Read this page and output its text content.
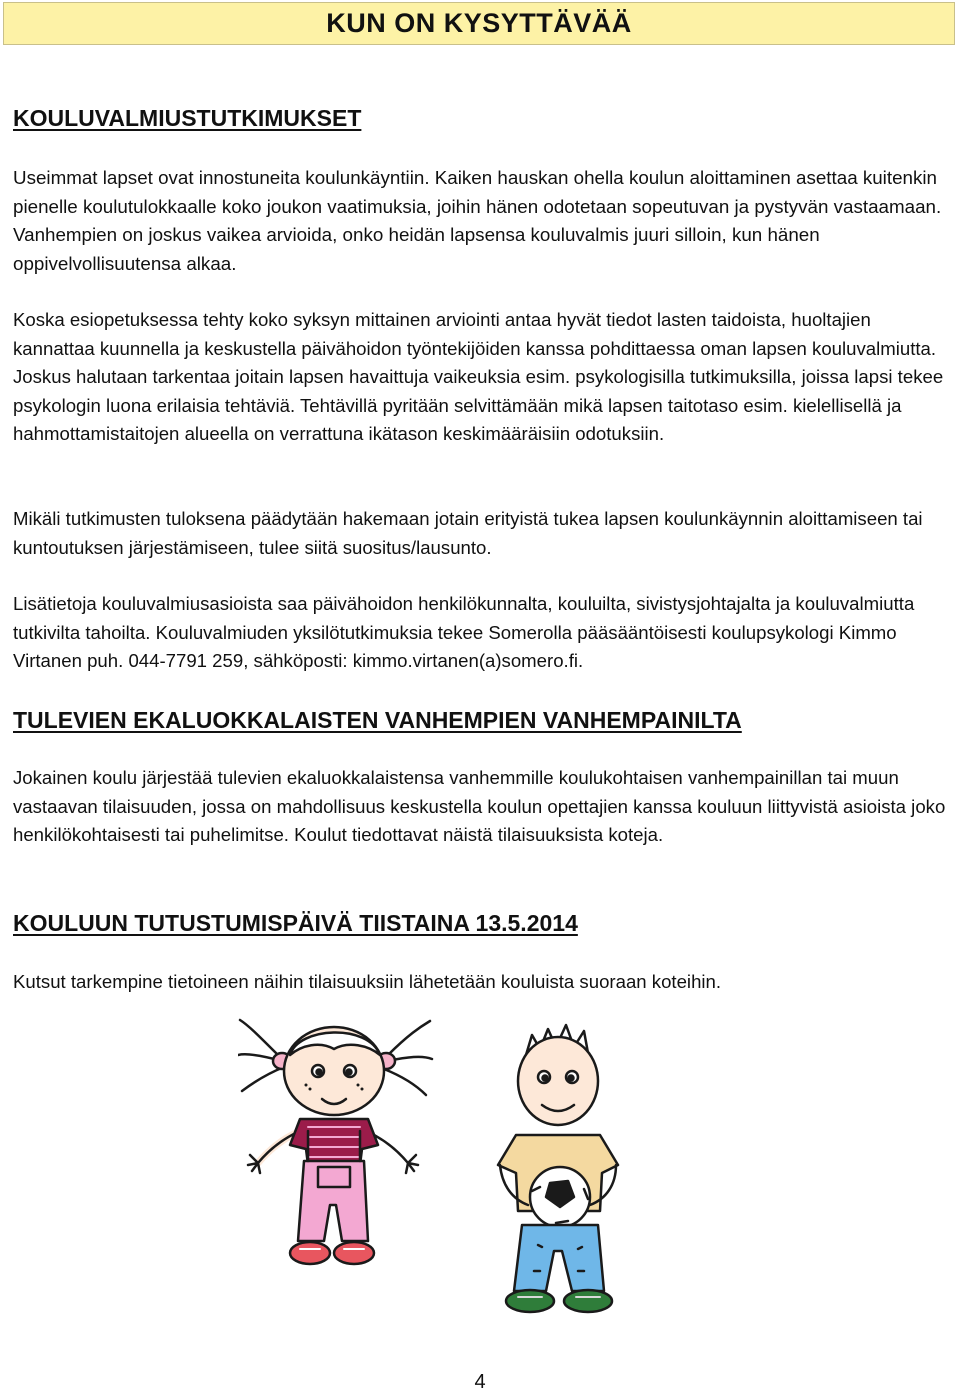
KUN ON KYSYTTÄVÄÄ
KOULUVALMIUSTUTKIMUKSET

Useimmat lapset ovat innostuneita koulunkäyntiin. Kaiken hauskan ohella koulun aloittaminen asettaa kuitenkin pienelle koulutulokkaalle koko joukon vaatimuksia, joihin hänen odotetaan sopeutuvan ja pystyvän vastaamaan. Vanhempien on joskus vaikea arvioida, onko heidän lapsensa kouluvalmis juuri silloin, kun hänen oppivelvollisuutensa alkaa.

Koska esiopetuksessa tehty koko syksyn mittainen arviointi antaa hyvät tiedot lasten taidoista, huoltajien kannattaa kuunnella ja keskustella päivähoidon työntekijöiden kanssa pohdittaessa oman lapsen kouluvalmiutta. Joskus halutaan tarkentaa joitain lapsen havaittuja vaikeuksia esim. psykologisilla tutkimuksilla, joissa lapsi tekee psykologin luona erilaisia tehtäviä. Tehtävillä pyritään selvittämään mikä lapsen taitotaso esim. kielellisellä ja hahmottamistaitojen alueella on verrattuna ikätason keskimääräisiin odotuksiin.

Mikäli tutkimusten tuloksena päädytään hakemaan jotain erityistä tukea lapsen koulunkäynnin aloittamiseen tai kuntoutuksen järjestämiseen, tulee siitä suositus/lausunto.

Lisätietoja kouluvalmiusasioista saa päivähoidon henkilökunnalta, kouluilta, sivistysjohtajalta ja kouluvalmiutta tutkivilta tahoilta. Kouluvalmiuden yksilötutkimuksia tekee Somerolla pääsääntöisesti koulupsykologi Kimmo Virtanen puh. 044-7791 259, sähköposti: kimmo.virtanen(a)somero.fi.

TULEVIEN EKALUOKKALAISTEN VANHEMPIEN VANHEMPAINILTA

Jokainen koulu järjestää tulevien ekaluokkalaistensa vanhemmille koulukohtaisen vanhempainillan tai muun vastaavan tilaisuuden, jossa on mahdollisuus keskustella koulun opettajien kanssa kouluun liittyvistä asioista joko henkilökohtaisesti tai puhelimitse. Koulut tiedottavat näistä tilaisuuksista koteja.

KOULUUN TUTUSTUMISPÄIVÄ TIISTAINA 13.5.2014

Kutsut tarkempine tietoineen näihin tilaisuuksiin lähetetään kouluista suoraan koteihin.

4
